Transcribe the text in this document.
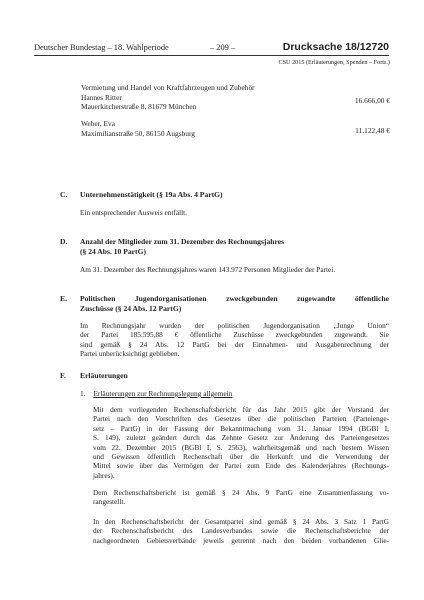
Deutscher Bundestag – 18. Wahlperiode	– 209 –	Drucksache 18/12720
CSU 2015 (Erläuterungen, Spenden – Forts.)
Vermietung und Handel von Kraftfahrzeugen und Zubehör
Hannes Ritter
Mauerkircherstraße 8, 81679 München
16.666,00 €
Weber, Eva
Maximilianstraße 50, 86150 Augsburg	11.122,48 €
C. Unternehmenstätigkeit (§ 19a Abs. 4 PartG)
Ein entsprechender Ausweis entfällt.
D. Anzahl der Mitglieder zum 31. Dezember des Rechnungsjahres
(§ 24 Abs. 10 PartG)
Am 31. Dezember des Rechnungsjahres waren 143.972 Personen Mitglieder der Partei.
E. Politischen Jugendorganisationen zweckgebunden zugewandte öffentliche
Zuschüsse (§ 24 Abs. 12 PartG)

Im Rechnungsjahr wurden der politischen Jugendorganisation „Junge Union“

der Partei 185.595,88 € öffentliche Zuschüsse zweckgebunden zugewandt. Sie

sind gemäß § 24 Abs. 12 PartG bei der Einnahmen- und Ausgabenrechnung der

Partei unberücksichtigt geblieben.

F. Erläuterungen
1. Erläuterungen zur Rechnungslegung allgemein

Mit dem vorliegenden Rechenschaftsbericht für das Jahr 2015 gibt der Vorstand der

Partei nach den Vorschriften des Gesetzes über die politischen Parteien (Parteienge-

setz – PartG) in der Fassung der Bekanntmachung vom 31. Januar 1994 (BGBl I,

S. 149), zuletzt geändert durch das Zehnte Gesetz zur Änderung des Parteiengesetzes

vom 22. Dezember 2015 (BGBl I, S. 2563), wahrheitsgemäß und nach bestem Wissen

und Gewissen öffentlich Rechenschaft über die Herkunft und die Verwendung der

Mittel sowie über das Vermögen der Partei zum Ende des Kalenderjahres (Rechnungs-

jahres).

Dem Rechenschaftsbericht ist gemäß § 24 Abs. 9 PartG eine Zusammenfassung vo-

rangestellt.

In den Rechenschaftsbericht der Gesamtpartei sind gemäß § 24 Abs. 3 Satz 1 PartG

der Rechenschaftsbericht des Landesverbandes sowie die Rechenschaftsberichte der

nachgeordneten Gebietsverbände jeweils getrennt nach den beiden vorbandenen Glie-
